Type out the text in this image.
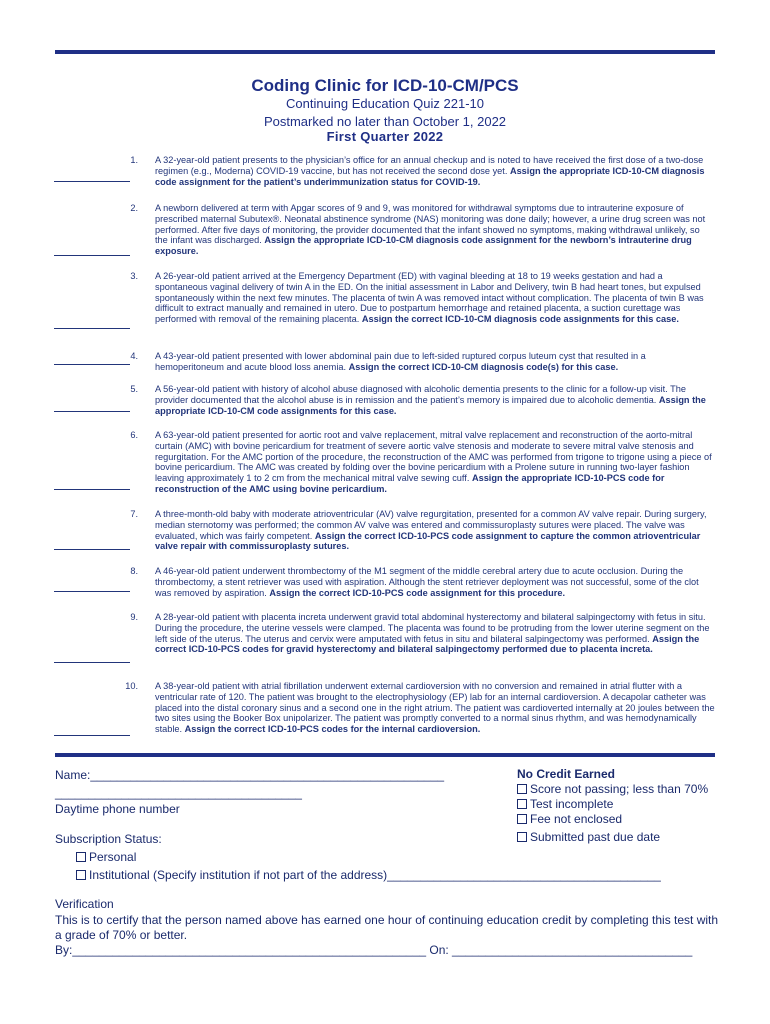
Coding Clinic for ICD-10-CM/PCS
Continuing Education Quiz 221-10
Postmarked no later than October 1, 2022
First Quarter 2022
1. A 32-year-old patient presents to the physician’s office for an annual checkup and is noted to have received the first dose of a two-dose regimen (e.g., Moderna) COVID-19 vaccine, but has not received the second dose yet. Assign the appropriate ICD-10-CM diagnosis code assignment for the patient’s underimmunization status for COVID-19.
2. A newborn delivered at term with Apgar scores of 9 and 9, was monitored for withdrawal symptoms due to intrauterine exposure of prescribed maternal Subutex®. Neonatal abstinence syndrome (NAS) monitoring was done daily; however, a urine drug screen was not performed. After five days of monitoring, the provider documented that the infant showed no symptoms, making withdrawal unlikely, so the infant was discharged. Assign the appropriate ICD-10-CM diagnosis code assignment for the newborn’s intrauterine drug exposure.
3. A 26-year-old patient arrived at the Emergency Department (ED) with vaginal bleeding at 18 to 19 weeks gestation and had a spontaneous vaginal delivery of twin A in the ED. On the initial assessment in Labor and Delivery, twin B had heart tones, but expulsed spontaneously within the next few minutes. The placenta of twin A was removed intact without complication. The placenta of twin B was difficult to extract manually and remained in utero. Due to postpartum hemorrhage and retained placenta, a suction curettage was performed with removal of the remaining placenta. Assign the correct ICD-10-CM diagnosis code assignments for this case.
4. A 43-year-old patient presented with lower abdominal pain due to left-sided ruptured corpus luteum cyst that resulted in a hemoperitoneum and acute blood loss anemia. Assign the correct ICD-10-CM diagnosis code(s) for this case.
5. A 56-year-old patient with history of alcohol abuse diagnosed with alcoholic dementia presents to the clinic for a follow-up visit. The provider documented that the alcohol abuse is in remission and the patient’s memory is impaired due to alcoholic dementia. Assign the appropriate ICD-10-CM code assignments for this case.
6. A 63-year-old patient presented for aortic root and valve replacement, mitral valve replacement and reconstruction of the aorto-mitral curtain (AMC) with bovine pericardium for treatment of severe aortic valve stenosis and moderate to severe mitral valve stenosis and regurgitation. For the AMC portion of the procedure, the reconstruction of the AMC was performed from trigone to trigone using a piece of bovine pericardium. The AMC was created by folding over the bovine pericardium with a Prolene suture in running two-layer fashion leaving approximately 1 to 2 cm from the mechanical mitral valve sewing cuff. Assign the appropriate ICD-10-PCS code for reconstruction of the AMC using bovine pericardium.
7. A three-month-old baby with moderate atrioventricular (AV) valve regurgitation, presented for a common AV valve repair. During surgery, median sternotomy was performed; the common AV valve was entered and commissuroplasty sutures were placed. The valve was evaluated, which was fairly competent. Assign the correct ICD-10-PCS code assignment to capture the common atrioventricular valve repair with commissuroplasty sutures.
8. A 46-year-old patient underwent thrombectomy of the M1 segment of the middle cerebral artery due to acute occlusion. During the thrombectomy, a stent retriever was used with aspiration. Although the stent retriever deployment was not successful, some of the clot was removed by aspiration. Assign the correct ICD-10-PCS code assignment for this procedure.
9. A 28-year-old patient with placenta increta underwent gravid total abdominal hysterectomy and bilateral salpingectomy with fetus in situ. During the procedure, the uterine vessels were clamped. The placenta was found to be protruding from the lower uterine segment on the left side of the uterus. The uterus and cervix were amputated with fetus in situ and bilateral salpingectomy was performed. Assign the correct ICD-10-PCS codes for gravid hysterectomy and bilateral salpingectomy performed due to placenta increta.
10. A 38-year-old patient with atrial fibrillation underwent external cardioversion with no conversion and remained in atrial flutter with a ventricular rate of 120. The patient was brought to the electrophysiology (EP) lab for an internal cardioversion. A decapolar catheter was placed into the distal coronary sinus and a second one in the right atrium. The patient was cardioverted internally at 20 joules between the two sites using the Booker Box unipolarizer. The patient was promptly converted to a normal sinus rhythm, and was hemodynamically stable. Assign the correct ICD-10-PCS codes for the internal cardioversion.
Name:_____________________________________________________
_____________________________________
Daytime phone number
Subscription Status:
Personal
Institutional (Specify institution if not part of the address)_________________________________________
No Credit Earned
Score not passing; less than 70%
Test incomplete
Fee not enclosed
Submitted past due date
Verification
This is to certify that the person named above has earned one hour of continuing education credit by completing this test with a grade of 70% or better.
By:_____________________________________________________ On: ____________________________________
